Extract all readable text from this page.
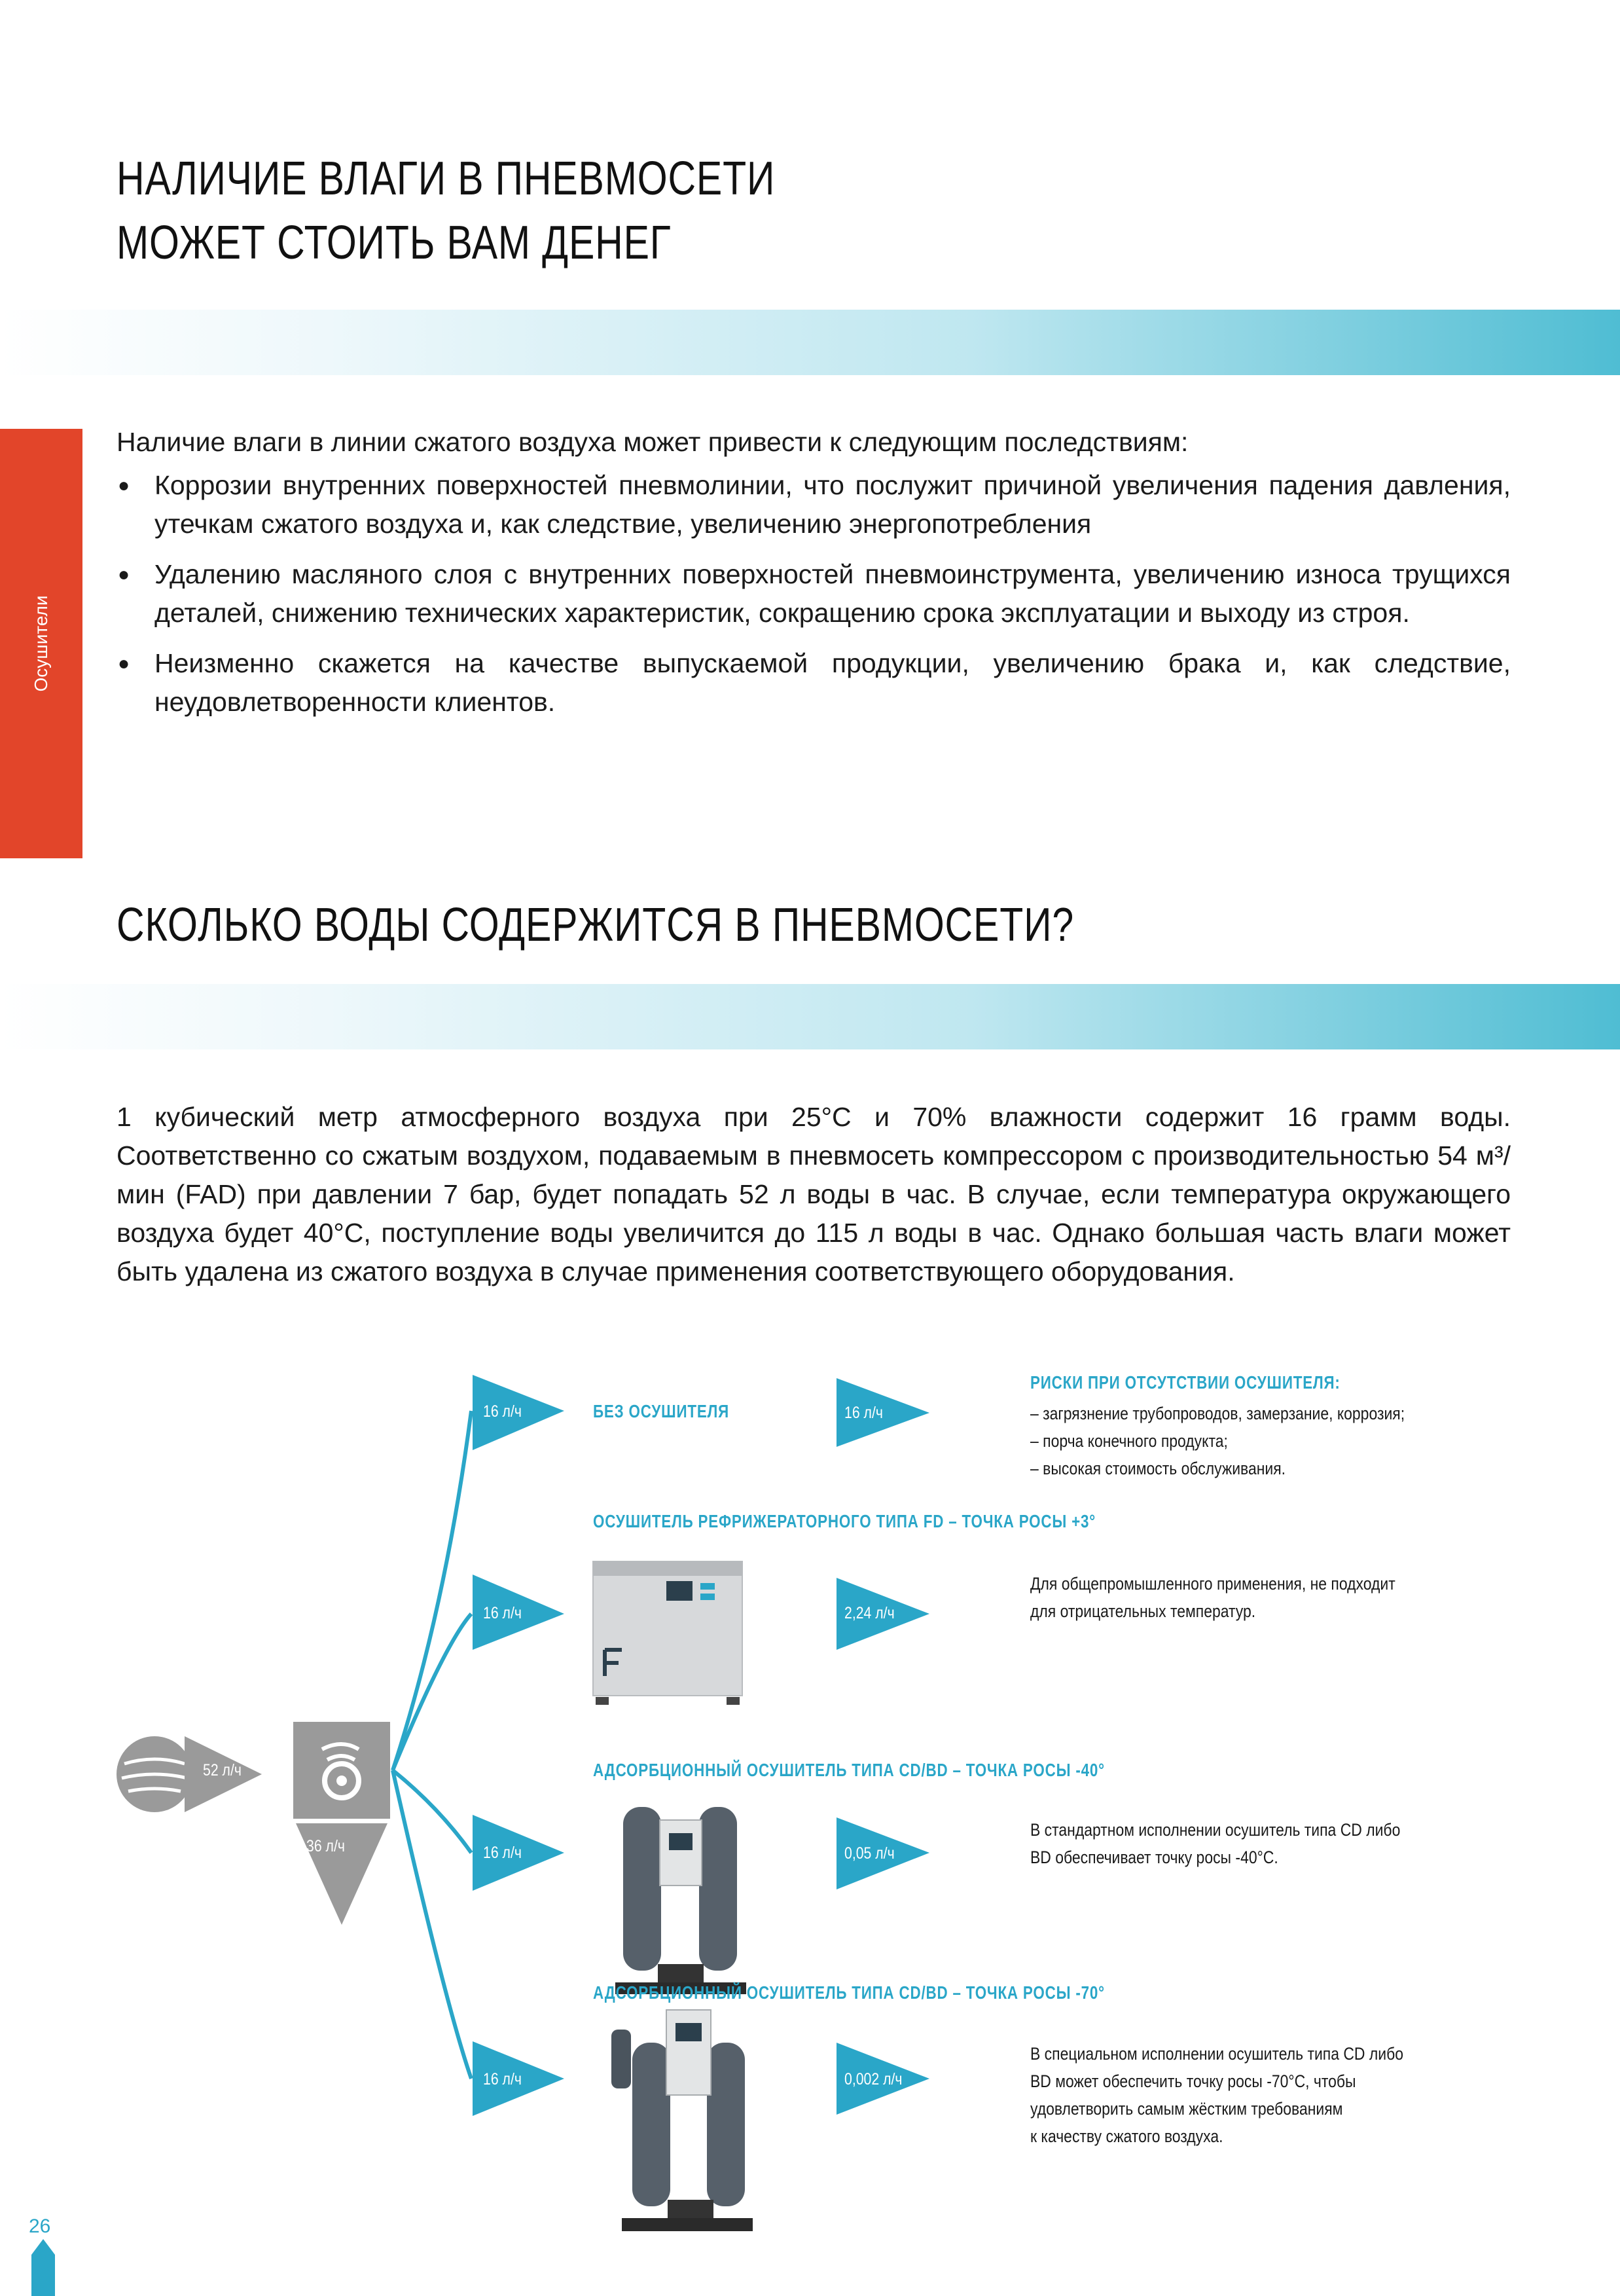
НАЛИЧИЕ ВЛАГИ В ПНЕВМОСЕТИ
МОЖЕТ СТОИТЬ ВАМ ДЕНЕГ
Осушители
Наличие влаги в линии сжатого воздуха может привести к следующим последствиям:
● Коррозии внутренних поверхностей пневмолинии, что послужит причиной увеличения падения давления, утечкам сжатого воздуха и, как следствие, увеличению энергопотребления
● Удалению масляного слоя с внутренних поверхностей пневмоинструмента, увеличению износа трущихся деталей, снижению технических характеристик, сокращению срока эксплуатации и выходу из строя.
● Неизменно скажется на качестве выпускаемой продукции, увеличению брака и, как следствие, неудовлетворенности клиентов.
СКОЛЬКО ВОДЫ СОДЕРЖИТСЯ В ПНЕВМОСЕТИ?
1 кубический метр атмосферного воздуха при 25°C и 70% влажности содержит 16 грамм воды. Соответственно со сжатым воздухом, подаваемым в пневмосеть компрессором с производительностью 54 м³/мин (FAD) при давлении 7 бар, будет попадать 52 л воды в час. В случае, если температура окружающего воздуха будет 40°C, поступление воды увеличится до 115 л воды в час. Однако большая часть влаги может быть удалена из сжатого воздуха в случае применения соответствующего оборудования.
52 л/ч
36 л/ч
16 л/ч	БЕЗ ОСУШИТЕЛЯ	16 л/ч
РИСКИ ПРИ ОТСУТСТВИИ ОСУШИТЕЛЯ:
– загрязнение трубопроводов, замерзание, коррозия;
– порча конечного продукта;
– высокая стоимость обслуживания.
ОСУШИТЕЛЬ РЕФРИЖЕРАТОРНОГО ТИПА FD – ТОЧКА РОСЫ +3°
16 л/ч	2,24 л/ч
Для общепромышленного применения, не подходит
для отрицательных температур.
АДСОРБЦИОННЫЙ ОСУШИТЕЛЬ ТИПА CD/BD – ТОЧКА РОСЫ -40°
16 л/ч	0,05 л/ч
В стандартном исполнении осушитель типа CD либо
BD обеспечивает точку росы -40°С.
АДСОРБЦИОННЫЙ ОСУШИТЕЛЬ ТИПА CD/BD – ТОЧКА РОСЫ -70°
16 л/ч	0,002 л/ч
В специальном исполнении осушитель типа CD либо
BD может обеспечить точку росы -70°С, чтобы
удовлетворить самым жёстким требованиям
к качеству сжатого воздуха.
26
